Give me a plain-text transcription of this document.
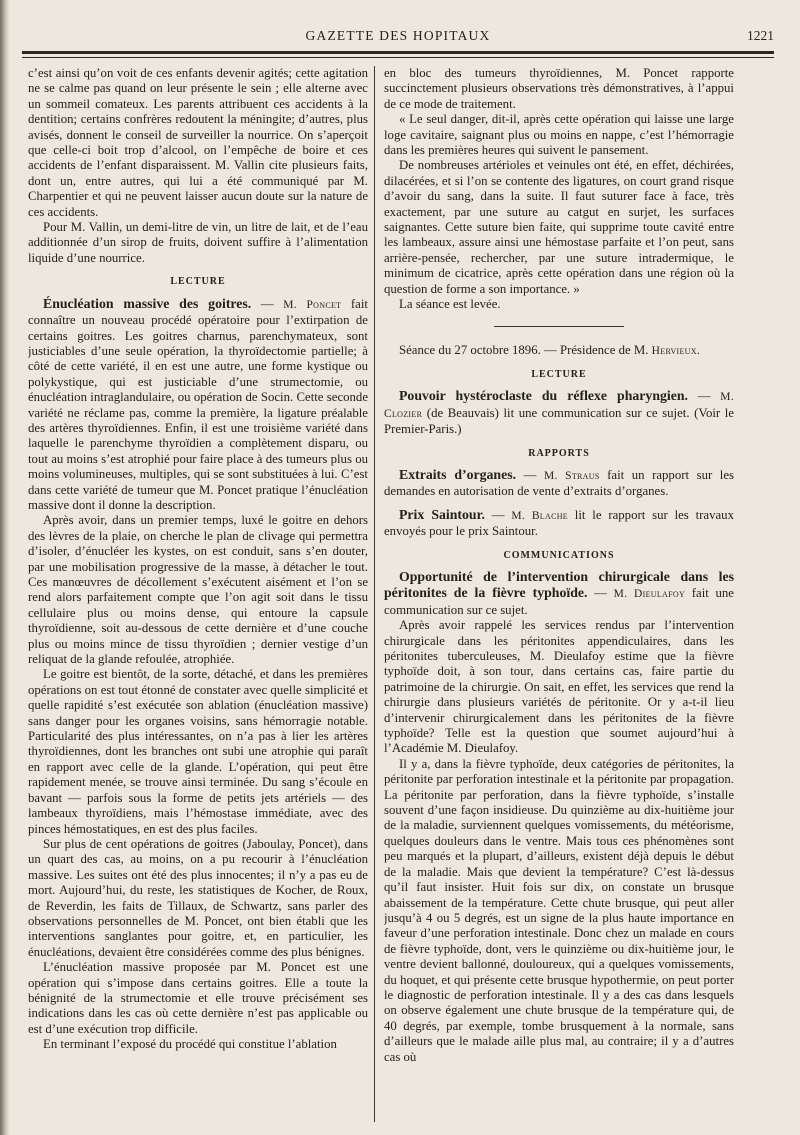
GAZETTE DES HOPITAUX	1221

c’est ainsi qu’on voit de ces enfants devenir agités; cette agitation ne se calme pas quand on leur présente le sein ; elle alterne avec un sommeil comateux. Les parents attribuent ces accidents à la dentition; certains confrères redoutent la méningite; d’autres, plus avisés, donnent le conseil de surveiller la nourrice. On s’aperçoit que celle-ci boit trop d’alcool, on l’empêche de boire et ces accidents de l’enfant disparaissent. M. Vallin cite plusieurs faits, dont un, entre autres, qui lui a été communiqué par M. Charpentier et qui ne peuvent laisser aucun doute sur la nature de ces accidents.

Pour M. Vallin, un demi-litre de vin, un litre de lait, et de l’eau additionnée d’un sirop de fruits, doivent suffire à l’alimentation liquide d’une nourrice.

LECTURE

Énucléation massive des goitres. — M. Poncet fait connaître un nouveau procédé opératoire pour l’extirpation de certains goitres. Les goitres charnus, parenchymateux, sont justiciables d’une seule opération, la thyroïdectomie partielle; à côté de cette variété, il en est une autre, une forme kystique ou polykystique, qui est justiciable d’une strumectomie, ou énucléation intraglandulaire, ou opération de Socin. Cette seconde variété ne réclame pas, comme la première, la ligature préalable des artères thyroïdiennes. Enfin, il est une troisième variété dans laquelle le parenchyme thyroïdien a complètement disparu, ou tout au moins s’est atrophié pour faire place à des tumeurs plus ou moins volumineuses, multiples, qui se sont substituées à lui. C’est dans cette variété de tumeur que M. Poncet pratique l’énucléation massive dont il donne la description.

Après avoir, dans un premier temps, luxé le goitre en dehors des lèvres de la plaie, on cherche le plan de clivage qui permettra d’isoler, d’énucléer les kystes, on est conduit, sans s’en douter, par une mobilisation progressive de la masse, à détacher le tout. Ces manœuvres de décollement s’exécutent aisément et l’on se rend alors parfaitement compte que l’on agit soit dans le tissu cellulaire plus ou moins dense, qui entoure la capsule thyroïdienne, soit au-dessous de cette dernière et d’une couche plus ou moins mince de tissu thyroïdien ; dernier vestige d’un reliquat de la glande refoulée, atrophiée.

Le goitre est bientôt, de la sorte, détaché, et dans les premières opérations on est tout étonné de constater avec quelle simplicité et quelle rapidité s’est exécutée son ablation (énucléation massive) sans danger pour les organes voisins, sans hémorragie notable. Particularité des plus intéressantes, on n’a pas à lier les artères thyroïdiennes, dont les branches ont subi une atrophie qui paraît en rapport avec celle de la glande. L’opération, qui peut être rapidement menée, se trouve ainsi terminée. Du sang s’écoule en bavant — parfois sous la forme de petits jets artériels — des lambeaux thyroïdiens, mais l’hémostase immédiate, avec des pinces hémostatiques, en est des plus faciles.

Sur plus de cent opérations de goitres (Jaboulay, Poncet), dans un quart des cas, au moins, on a pu recourir à l’énucléation massive. Les suites ont été des plus innocentes; il n’y a pas eu de mort. Aujourd’hui, du reste, les statistiques de Kocher, de Roux, de Reverdin, les faits de Tillaux, de Schwartz, sans parler des observations personnelles de M. Poncet, ont bien établi que les interventions sanglantes pour goitre, et, en particulier, les énucléations, devaient être considérées comme des plus bénignes.

L’énucléation massive proposée par M. Poncet est une opération qui s’impose dans certains goitres. Elle a toute la bénignité de la strumectomie et elle trouve précisément ses indications dans les cas où cette dernière n’est pas applicable ou est d’une exécution trop difficile.

En terminant l’exposé du procédé qui constitue l’ablation

en bloc des tumeurs thyroïdiennes, M. Poncet rapporte succinctement plusieurs observations très démonstratives, à l’appui de ce mode de traitement.

« Le seul danger, dit-il, après cette opération qui laisse une large loge cavitaire, saignant plus ou moins en nappe, c’est l’hémorragie dans les premières heures qui suivent le pansement.

De nombreuses artérioles et veinules ont été, en effet, déchirées, dilacérées, et si l’on se contente des ligatures, on court grand risque d’avoir du sang, dans la suite. Il faut suturer face à face, très exactement, par une suture au catgut en surjet, les surfaces saignantes. Cette suture bien faite, qui supprime toute cavité entre les lambeaux, assure ainsi une hémostase parfaite et l’on peut, sans arrière-pensée, rechercher, par une suture intradermique, le minimum de cicatrice, après cette opération dans une région où la question de forme a son importance. »

La séance est levée.

Séance du 27 octobre 1896. — Présidence de M. Hervieux.

LECTURE

Pouvoir hystéroclaste du réflexe pharyngien. — M. Clozier (de Beauvais) lit une communication sur ce sujet. (Voir le Premier-Paris.)

RAPPORTS

Extraits d’organes. — M. Straus fait un rapport sur les demandes en autorisation de vente d’extraits d’organes.

Prix Saintour. — M. Blache lit le rapport sur les travaux envoyés pour le prix Saintour.

COMMUNICATIONS

Opportunité de l’intervention chirurgicale dans les péritonites de la fièvre typhoïde. — M. Dieulafoy fait une communication sur ce sujet.

Après avoir rappelé les services rendus par l’intervention chirurgicale dans les péritonites appendiculaires, dans les péritonites tuberculeuses, M. Dieulafoy estime que la fièvre typhoïde doit, à son tour, dans certains cas, faire partie du patrimoine de la chirurgie. On sait, en effet, les services que rend la chirurgie dans plusieurs variétés de péritonite. Or y a-t-il lieu d’intervenir chirurgicalement dans les péritonites de la fièvre typhoïde? Telle est la question que soumet aujourd’hui à l’Académie M. Dieulafoy.

Il y a, dans la fièvre typhoïde, deux catégories de péritonites, la péritonite par perforation intestinale et la péritonite par propagation. La péritonite par perforation, dans la fièvre typhoïde, s’installe souvent d’une façon insidieuse. Du quinzième au dix-huitième jour de la maladie, surviennent quelques vomissements, du météorisme, quelques douleurs dans le ventre. Mais tous ces phénomènes sont peu marqués et la plupart, d’ailleurs, existent déjà depuis le début de la maladie. Mais que devient la température? C’est là-dessus qu’il faut insister. Huit fois sur dix, on constate un brusque abaissement de la température. Cette chute brusque, qui peut aller jusqu’à 4 ou 5 degrés, est un signe de la plus haute importance en faveur d’une perforation intestinale. Donc chez un malade en cours de fièvre typhoïde, dont, vers le quinzième ou dix-huitième jour, le ventre devient ballonné, douloureux, qui a quelques vomissements, du hoquet, et qui présente cette brusque hypothermie, on peut porter le diagnostic de perforation intestinale. Il y a des cas dans lesquels on observe également une chute brusque de la température qui, de 40 degrés, par exemple, tombe brusquement à la normale, sans d’ailleurs que le malade aille plus mal, au contraire; il y a d’autres cas où
